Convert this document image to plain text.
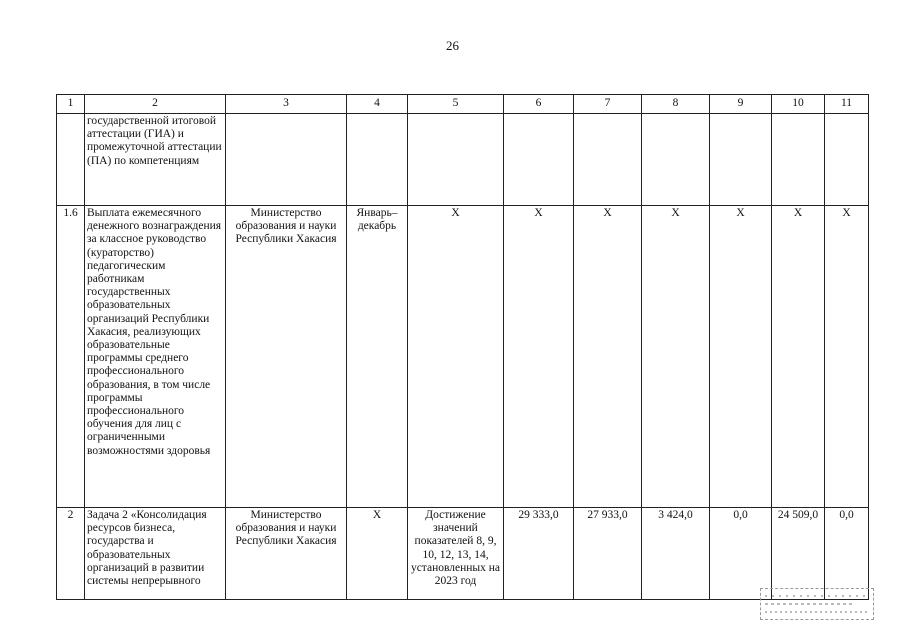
26
1	2	3	4	5	6	7	8	9	10	11
	государственной итоговой аттестации (ГИА) и промежуточной аттестации (ПА) по компетенциям									
1.6	Выплата ежемесячного денежного вознаграждения за классное руководство (кураторство) педагогическим работникам государственных образовательных организаций Республики Хакасия, реализующих образовательные программы среднего профессионального образования, в том числе программы профессионального обучения для лиц с ограниченными возможностями здоровья	Министерство образования и науки Республики Хакасия	Январь–декабрь	Х	Х	Х	Х	Х	Х	Х
2	Задача 2 «Консолидация ресурсов бизнеса, государства и образовательных организаций в развитии системы непрерывного	Министерство образования и науки Республики Хакасия	Х	Достижение значений показателей 8, 9, 10, 12, 13, 14, установленных на 2023 год	29 333,0	27 933,0	3 424,0	0,0	24 509,0	0,0
